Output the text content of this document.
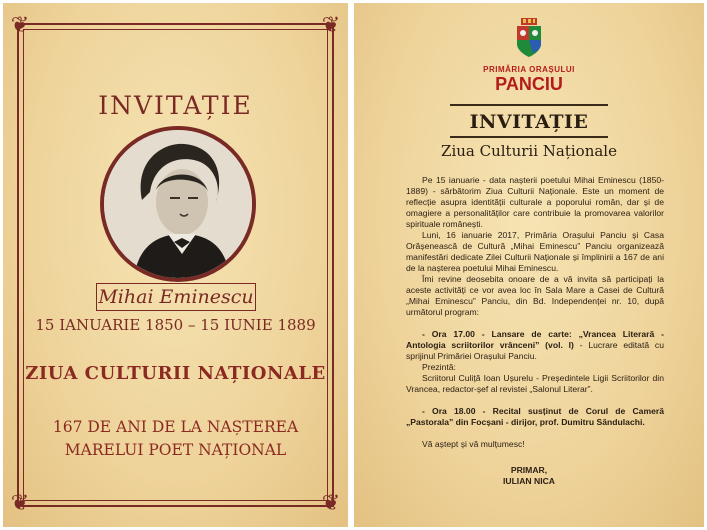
❦	❦
❦	❦
INVITAȚIE
Mihai Eminescu
15 IANUARIE 1850 – 15 IUNIE 1889
ZIUA CULTURII NAȚIONALE
167 DE ANI DE LA NAȘTEREA
MARELUI POET NAȚIONAL
PRIMĂRIA ORAȘULUI
PANCIU
INVITAȚIE
Ziua Culturii Naționale

Pe 15 ianuarie - data nașterii poetului Mihai Eminescu (1850-1889) - sărbătorim Ziua Culturii Naționale. Este un moment de reflecție asupra identității culturale a poporului român, dar și de omagiere a personalităților care contribuie la promovarea valorilor spirituale românești.

Luni, 16 ianuarie 2017, Primăria Orașului Panciu și Casa Orășenească de Cultură „Mihai Eminescu” Panciu organizează manifestări dedicate Zilei Culturii Naționale și împlinirii a 167 de ani de la nașterea poetului Mihai Eminescu.

Îmi revine deosebita onoare de a vă invita să participați la aceste activități ce vor avea loc în Sala Mare a Casei de Cultură „Mihai Eminescu” Panciu, din Bd. Independenței nr. 10, după următorul program:

- Ora 17.00 - Lansare de carte: „Vrancea Literară - Antologia scriitorilor vrânceni” (vol. I) - Lucrare editată cu sprijinul Primăriei Orașului Panciu.

Prezintă:

Scriitorul Culiță Ioan Ușurelu - Președintele Ligii Scriitorilor din Vrancea, redactor-șef al revistei „Salonul Literar”.

- Ora 18.00 - Recital susținut de Corul de Cameră „Pastorala” din Focșani - dirijor, prof. Dumitru Săndulachi.

Vă aștept și vă mulțumesc!

PRIMAR,
IULIAN NICA
